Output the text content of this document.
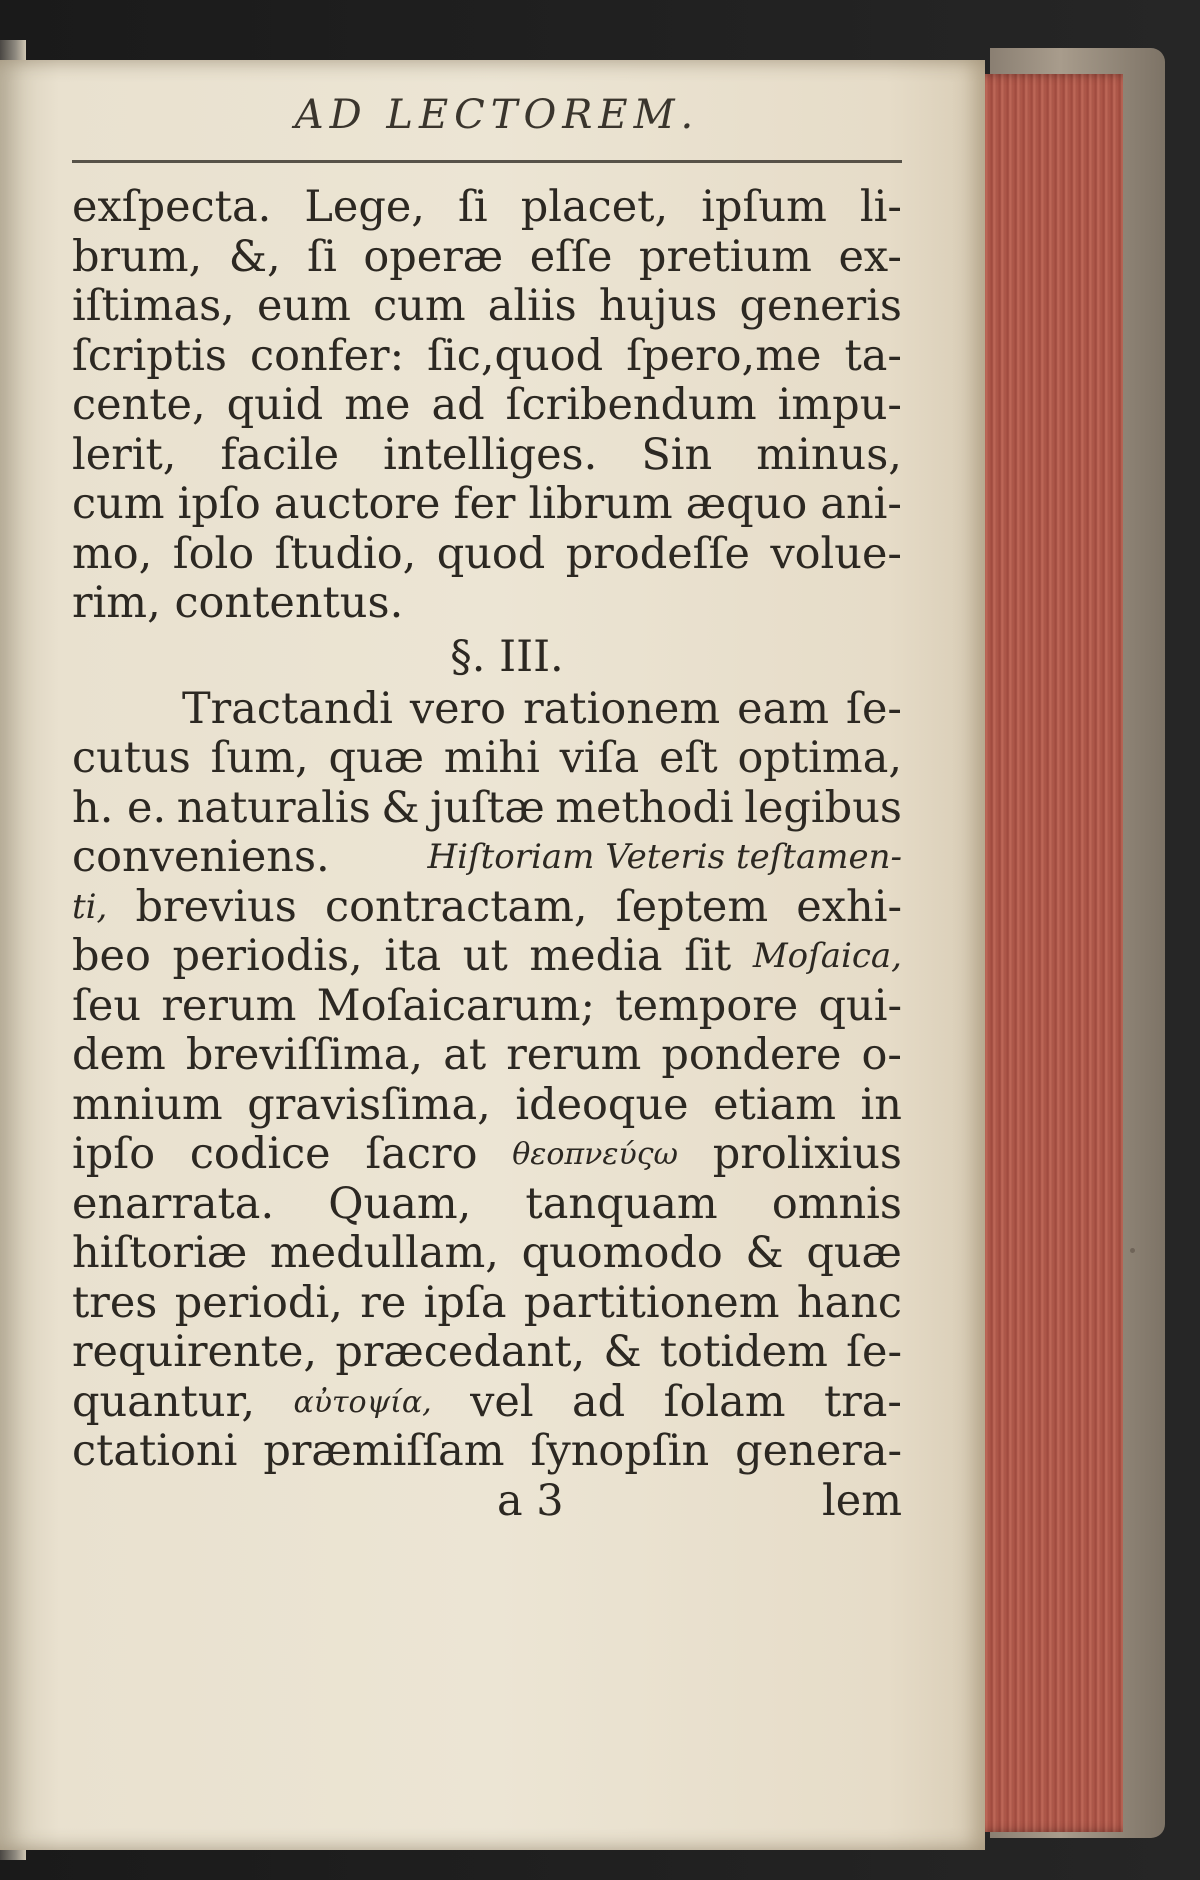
AD LECTOREM.
exſpecta. Lege, ſi placet, ipſum li-
brum, &, ſi operæ eſſe pretium ex-
iſtimas, eum cum aliis hujus generis
ſcriptis confer: ſic,quod ſpero,me ta-
cente, quid me ad ſcribendum impu-
lerit, facile intelliges. Sin minus,
cum ipſo auctore fer librum æquo ani-
mo, ſolo ſtudio, quod prodeſſe volue-
rim,
contentus.
§. III.
Tractandi vero rationem eam ſe-
cutus ſum, quæ mihi viſa eſt optima,
h. e. naturalis & juſtæ methodi legibus
conveniens.	Hiſtoriam Veteris teſtamen-
ti, brevius contractam, ſeptem exhi-
beo periodis, ita ut media ſit Moſaica,
ſeu rerum Moſaicarum; tempore qui-
dem breviſſima, at rerum pondere o-
mnium gravisſima, ideoque etiam in
ipſo codice ſacro θεοπνεύςω prolixius
enarrata. Quam, tanquam omnis
hiſtoriæ medullam, quomodo & quæ
tres periodi, re ipſa partitionem hanc
requirente, præcedant, & totidem ſe-
quantur, αὐτοψία, vel ad ſolam tra-
ctationi præmiſſam ſynopſin genera-
a 3	lem
